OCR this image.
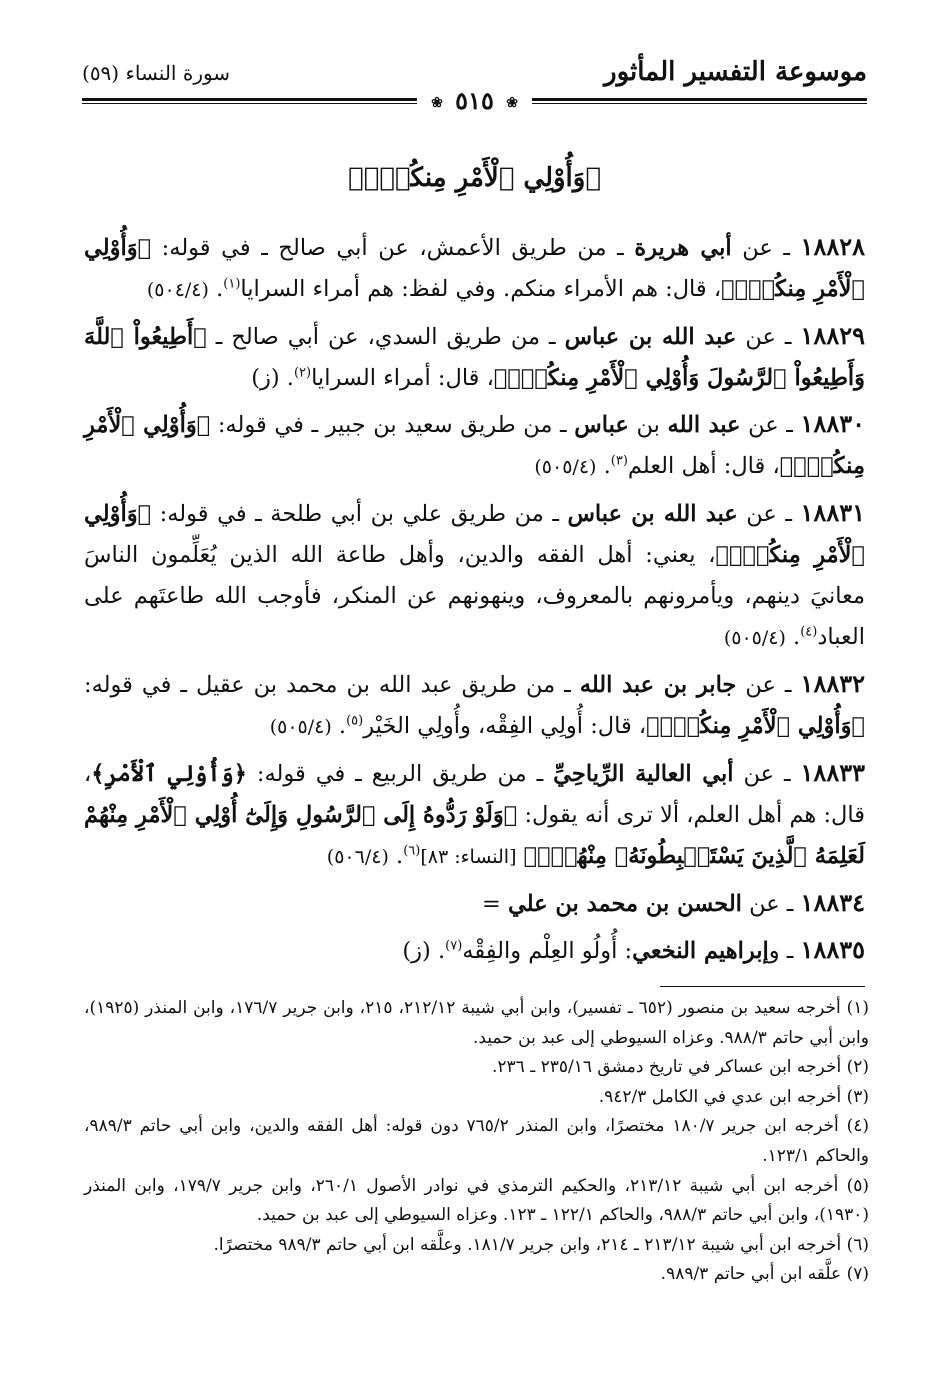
موسوعة التفسير المأثور
سورة النساء (٥٩)
❀ ٥١٥ ❀
﴿وَأُوْلِي ٱلْأَمْرِ مِنكُمْۖ﴾

١٨٨٢٨ ـ عن أبي هريرة ـ من طريق الأعمش، عن أبي صالح ـ في قوله: ﴿وَأُوْلِي ٱلْأَمْرِ مِنكُمْۖ﴾، قال: هم الأمراء منكم. وفي لفظ: هم أمراء السرايا$^{(١)}$. (٥٠٤/٤)

١٨٨٢٩ ـ عن عبد الله بن عباس ـ من طريق السدي، عن أبي صالح ـ ﴿أَطِيعُواْ ٱللَّهَ وَأَطِيعُواْ ٱلرَّسُولَ وَأُوْلِي ٱلْأَمْرِ مِنكُمْۖ﴾، قال: أمراء السرايا$^{(٢)}$. (ز)

١٨٨٣٠ ـ عن عبد الله بن عباس ـ من طريق سعيد بن جبير ـ في قوله: ﴿وَأُوْلِي ٱلْأَمْرِ مِنكُمْۖ﴾، قال: أهل العلم$^{(٣)}$. (٥٠٥/٤)

١٨٨٣١ ـ عن عبد الله بن عباس ـ من طريق علي بن أبي طلحة ـ في قوله: ﴿وَأُوْلِي ٱلْأَمْرِ مِنكُمْۖ﴾، يعني: أهل الفقه والدين، وأهل طاعة الله الذين يُعَلِّمون الناسَ معانيَ دينهم، ويأمرونهم بالمعروف، وينهونهم عن المنكر، فأوجب الله طاعتَهم على العباد$^{(٤)}$. (٥٠٥/٤)

١٨٨٣٢ ـ عن جابر بن عبد الله ـ من طريق عبد الله بن محمد بن عقيل ـ في قوله: ﴿وَأُوْلِي ٱلْأَمْرِ مِنكُمْۖ﴾، قال: أُولِي الفِقْه، وأُولِي الخَيْر$^{(٥)}$. (٥٠٥/٤)

١٨٨٣٣ ـ عن أبي العالية الرِّياحِيِّ ـ من طريق الربيع ـ في قوله: ﴿وَأُوْلِي ٱلْأَمْرِ﴾، قال: هم أهل العلم، ألا ترى أنه يقول: ﴿وَلَوْ رَدُّوهُ إِلَى ٱلرَّسُولِ وَإِلَىٰٓ أُوْلِي ٱلْأَمْرِ مِنْهُمْ لَعَلِمَهُ ٱلَّذِينَ يَسْتَنۢبِطُونَهُۥ مِنْهُمْۗ﴾ [النساء: ٨٣]$^{(٦)}$. (٥٠٦/٤)

١٨٨٣٤ ـ عن الحسن بن محمد بن علي =

١٨٨٣٥ ـ وإبراهيم النخعي: أُولُو العِلْم والفِقْه$^{(٧)}$. (ز)

(١) أخرجه سعيد بن منصور (٦٥٢ ـ تفسير)، وابن أبي شيبة ٢١٢/١٢، ٢١٥، وابن جرير ١٧٦/٧، وابن المنذر (١٩٢٥)، وابن أبي حاتم ٩٨٨/٣. وعزاه السيوطي إلى عبد بن حميد.

(٢) أخرجه ابن عساكر في تاريخ دمشق ٢٣٥/١٦ ـ ٢٣٦.

(٣) أخرجه ابن عدي في الكامل ٩٤٢/٣.

(٤) أخرجه ابن جرير ١٨٠/٧ مختصرًا، وابن المنذر ٧٦٥/٢ دون قوله: أهل الفقه والدين، وابن أبي حاتم ٩٨٩/٣، والحاكم ١٢٣/١.

(٥) أخرجه ابن أبي شيبة ٢١٣/١٢، والحكيم الترمذي في نوادر الأصول ٢٦٠/١، وابن جرير ١٧٩/٧، وابن المنذر (١٩٣٠)، وابن أبي حاتم ٩٨٨/٣، والحاكم ١٢٢/١ ـ ١٢٣. وعزاه السيوطي إلى عبد بن حميد.

(٦) أخرجه ابن أبي شيبة ٢١٣/١٢ ـ ٢١٤، وابن جرير ١٨١/٧. وعلَّقه ابن أبي حاتم ٩٨٩/٣ مختصرًا.

(٧) علَّقه ابن أبي حاتم ٩٨٩/٣.
